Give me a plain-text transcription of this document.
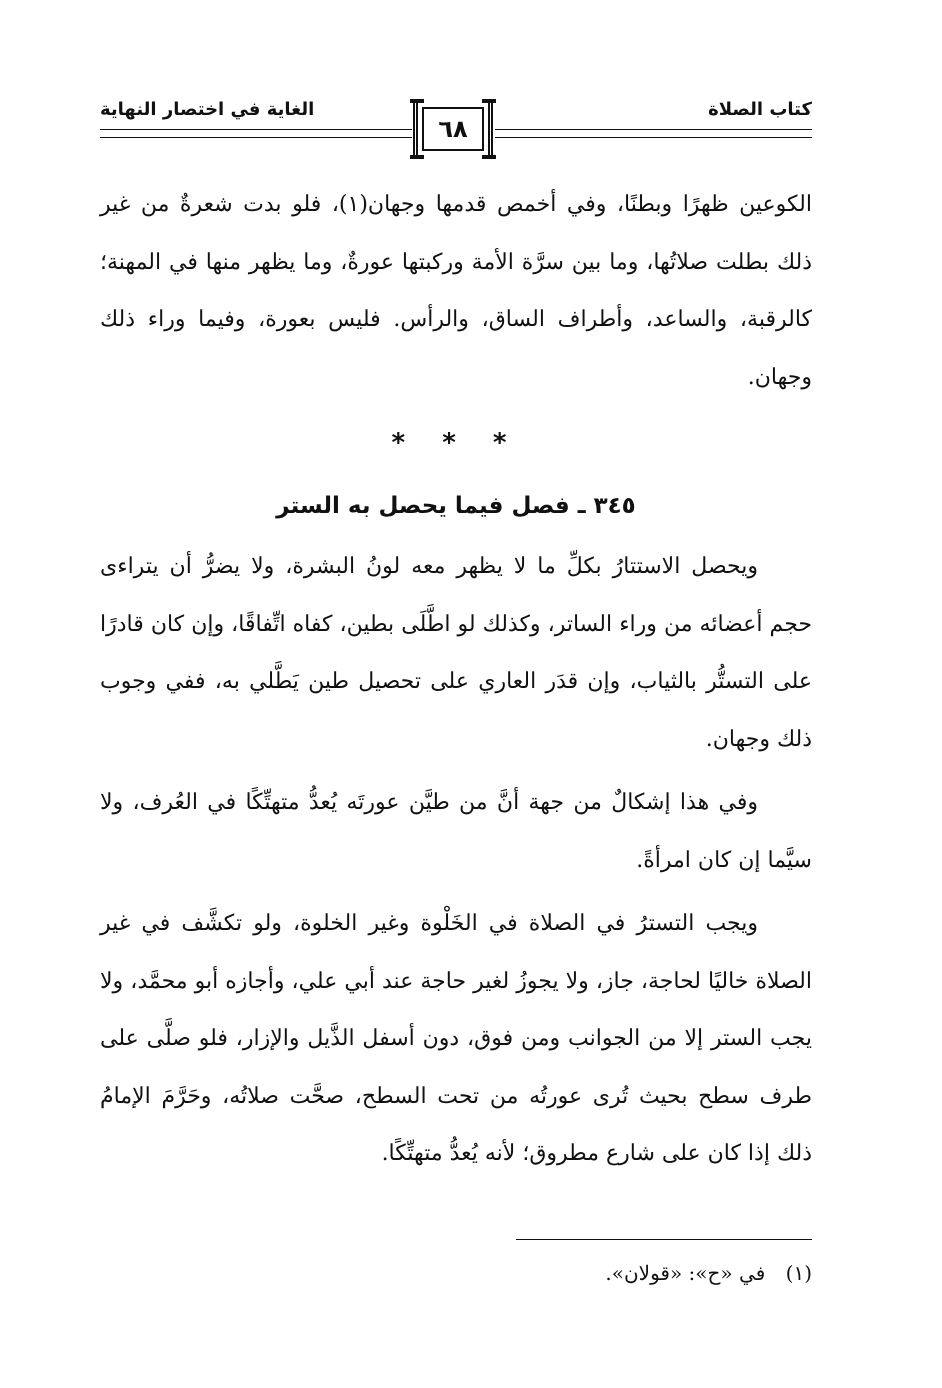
كتاب الصلاة
الغاية في اختصار النهاية
٦٨

الكوعين ظهرًا وبطنًا، وفي أخمص قدمها وجهان(١)، فلو بدت شعرةٌ من غير ذلك بطلت صلاتُها، وما بين سرَّة الأمة وركبتها عورةٌ، وما يظهر منها في المهنة؛ كالرقبة، والساعد، وأطراف الساق، والرأس. فليس بعورة، وفيما وراء ذلك وجهان.

* * *
٣٤٥ ـ فصل فيما يحصل به الستر

ويحصل الاستتارُ بكلِّ ما لا يظهر معه لونُ البشرة، ولا يضرُّ أن يتراءى حجم أعضائه من وراء الساتر، وكذلك لو اطَّلَى بطين، كفاه اتِّفاقًا، وإن كان قادرًا على التستُّر بالثياب، وإن قدَر العاري على تحصيل طين يَطَّلي به، ففي وجوب ذلك وجهان.

وفي هذا إشكالٌ من جهة أنَّ من طيَّن عورتَه يُعدُّ متهتِّكًا في العُرف، ولا سيَّما إن كان امرأةً.

ويجب التسترُ في الصلاة في الخَلْوة وغير الخلوة، ولو تكشَّف في غير الصلاة خاليًا لحاجة، جاز، ولا يجوزُ لغير حاجة عند أبي علي، وأجازه أبو محمَّد، ولا يجب الستر إلا من الجوانب ومن فوق، دون أسفل الذَّيل والإزار، فلو صلَّى على طرف سطح بحيث تُرى عورتُه من تحت السطح، صحَّت صلاتُه، وحَرَّمَ الإمامُ ذلك إذا كان على شارع مطروق؛ لأنه يُعدُّ متهتِّكًا.

(١) في «ح»: «قولان».
